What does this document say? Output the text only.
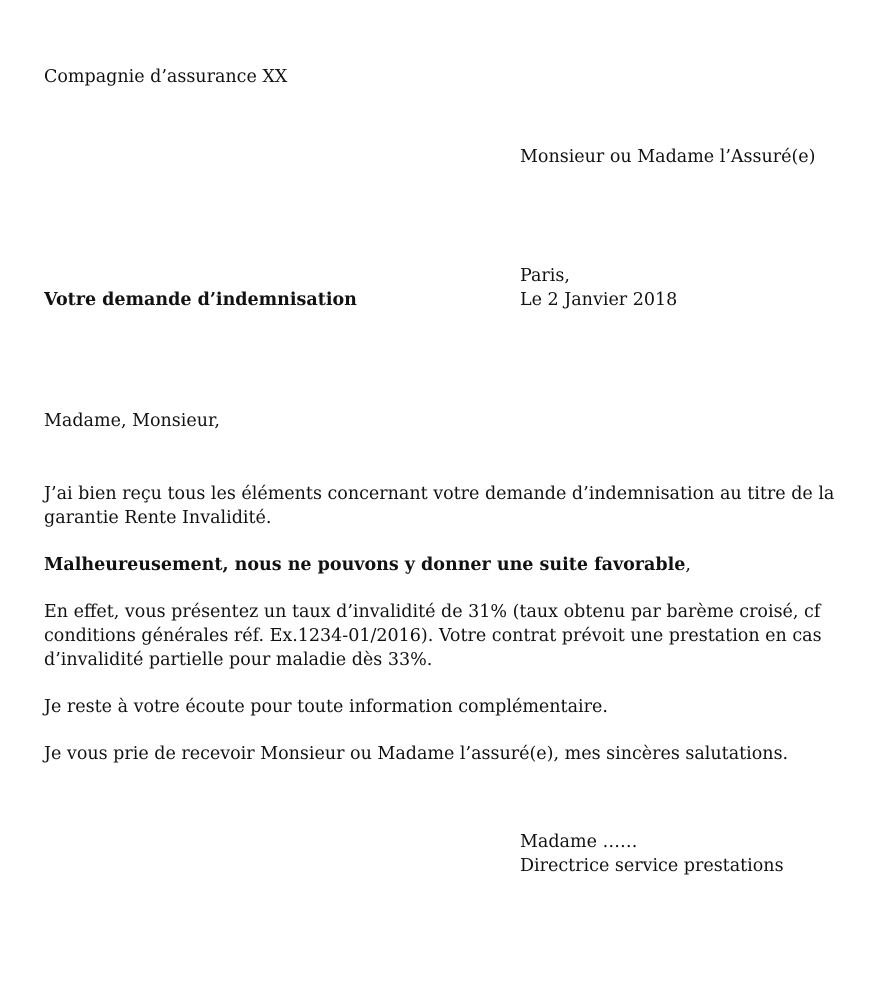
Compagnie d’assurance XX
Monsieur ou Madame l’Assuré(e)
Paris,
Le 2 Janvier 2018
Votre demande d’indemnisation
Madame, Monsieur,

J’ai bien reçu tous les éléments concernant votre demande d’indemnisation au titre de la
garantie Rente Invalidité.

Malheureusement, nous ne pouvons y donner une suite favorable,

En effet, vous présentez un taux d’invalidité de 31% (taux obtenu par barème croisé, cf
conditions générales réf. Ex.1234-01/2016). Votre contrat prévoit une prestation en cas
d’invalidité partielle pour maladie dès 33%.

Je reste à votre écoute pour toute information complémentaire.

Je vous prie de recevoir Monsieur ou Madame l’assuré(e), mes sincères salutations.

Madame ……
Directrice service prestations
